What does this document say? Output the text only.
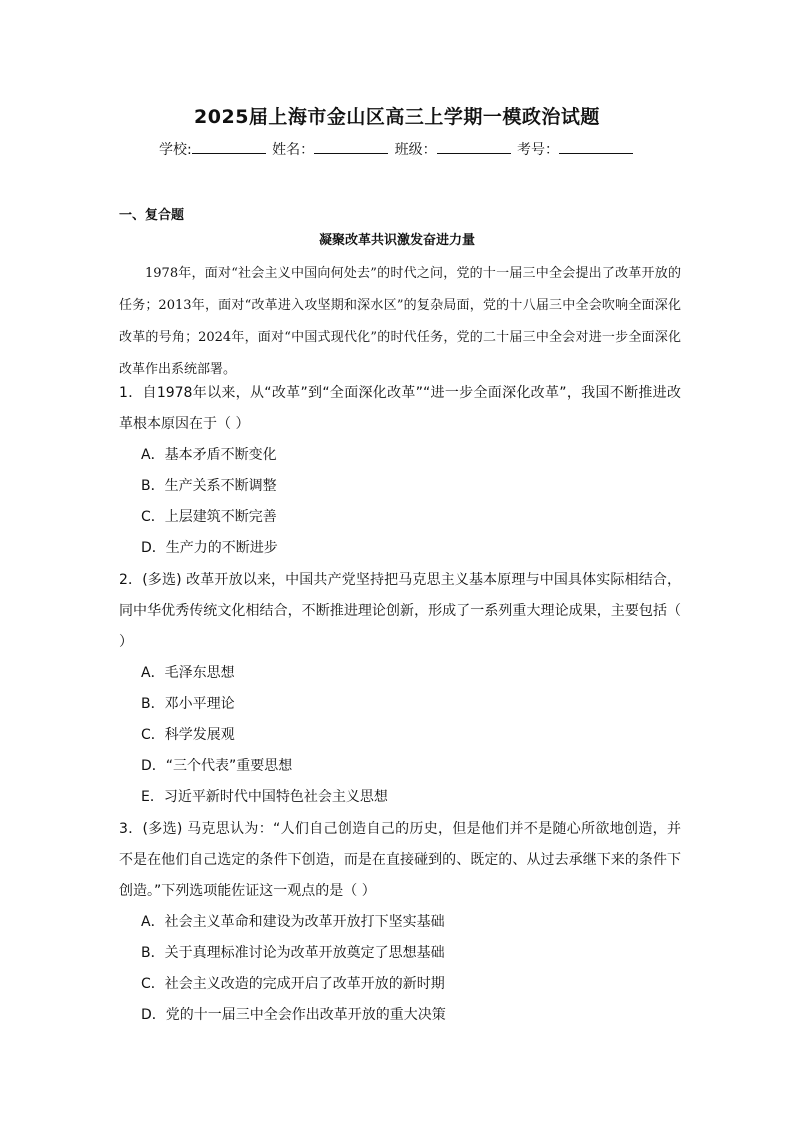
2025届上海市金山区高三上学期一模政治试题
学校:	姓名：	班级：	考号：
一、复合题
凝聚改革共识激发奋进力量
1978年，面对“社会主义中国向何处去”的时代之问，党的十一届三中全会提出了改革开放的任务；2013年，面对“改革进入攻坚期和深水区”的复杂局面，党的十八届三中全会吹响全面深化改革的号角；2024年，面对“中国式现代化”的时代任务，党的二十届三中全会对进一步全面深化改革作出系统部署。
1．自1978年以来，从“改革”到“全面深化改革”“进一步全面深化改革”，我国不断推进改革根本原因在于（ ）
A．基本矛盾不断变化
B．生产关系不断调整
C．上层建筑不断完善
D．生产力的不断进步
2．(多选) 改革开放以来，中国共产党坚持把马克思主义基本原理与中国具体实际相结合，同中华优秀传统文化相结合，不断推进理论创新，形成了一系列重大理论成果，主要包括（ ）
A．毛泽东思想
B．邓小平理论
C．科学发展观
D．“三个代表”重要思想
E．习近平新时代中国特色社会主义思想
3．(多选) 马克思认为：“人们自己创造自己的历史，但是他们并不是随心所欲地创造，并不是在他们自己选定的条件下创造，而是在直接碰到的、既定的、从过去承继下来的条件下创造。”下列选项能佐证这一观点的是（ ）
A．社会主义革命和建设为改革开放打下坚实基础
B．关于真理标准讨论为改革开放奠定了思想基础
C．社会主义改造的完成开启了改革开放的新时期
D．党的十一届三中全会作出改革开放的重大决策
